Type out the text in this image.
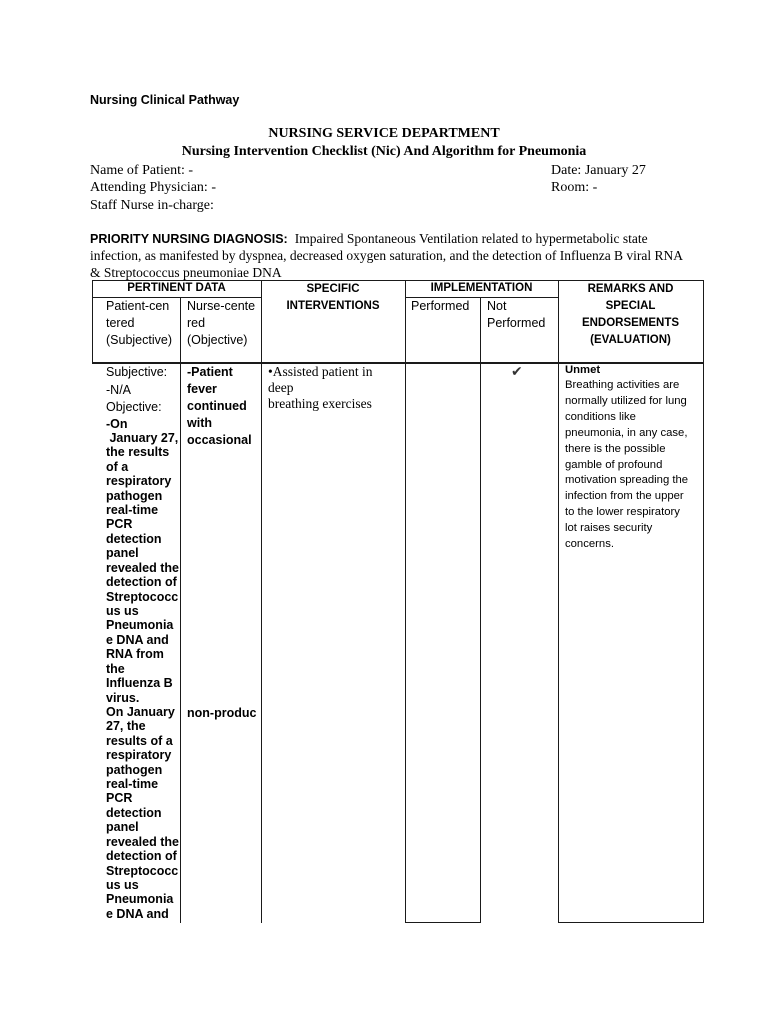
Nursing Clinical Pathway
NURSING SERVICE DEPARTMENT
Nursing Intervention Checklist (Nic) And Algorithm for Pneumonia
Name of Patient: -
Attending Physician: -
Staff Nurse in-charge:
Date: January 27
Room: -
PRIORITY NURSING DIAGNOSIS: Impaired Spontaneous Ventilation related to hypermetabolic state
infection, as manifested by dyspnea, decreased oxygen saturation, and the detection of Influenza B viral RNA
& Streptococcus pneumoniae DNA
PERTINENT DATA
Patient-cen
tered
(Subjective)
Nurse-cente
red
(Objective)
SPECIFIC
INTERVENTIONS
IMPLEMENTATION
Performed Not
Performed
REMARKS AND
SPECIAL
ENDORSEMENTS
(EVALUATION)
Subjective:
-N/A
Objective:
-On
January 27,
the results
of a
respiratory
pathogen
real-time
PCR
detection
panel
revealed the
detection of
Streptococc
us us
Pneumonia
e DNA and
RNA from
the
Influenza B
virus.
On January
27, the
results of a
respiratory
pathogen
real-time
PCR
detection
panel
revealed the
detection of
Streptococc
us us
Pneumonia
e DNA and
-Patient
fever
continued
with
occasional
non-produc
•Assisted patient in
deep
breathing exercises
✔	Unmet
Breathing activities are
normally utilized for lung
conditions like
pneumonia, in any case,
there is the possible
gamble of profound
motivation spreading the
infection from the upper
to the lower respiratory
lot raises security
concerns.
